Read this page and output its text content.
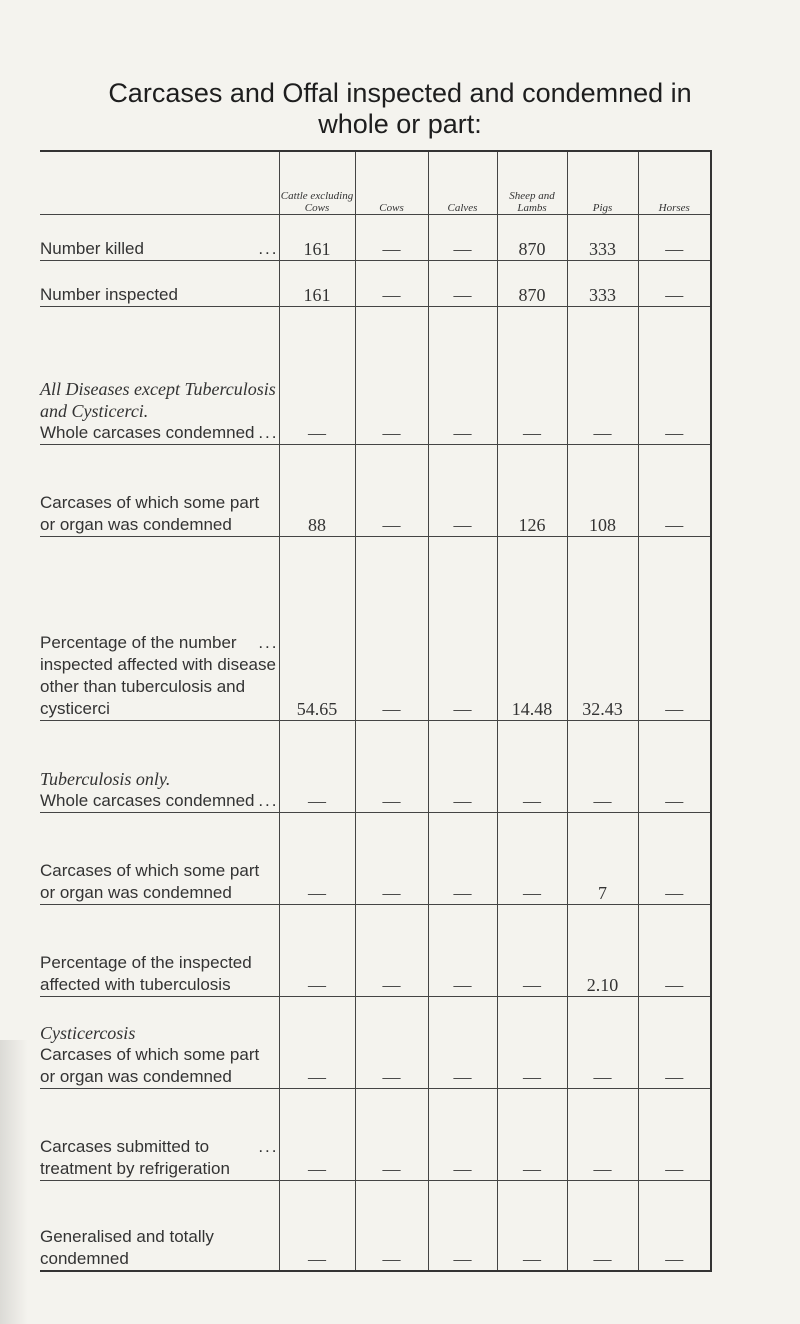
Carcases and Offal inspected and condemned in
whole or part:
	Cattle excluding Cows	Cows	Calves	Sheep and Lambs	Pigs	Horses

...
Number killed	161	—	—	870	333	—

Number inspected	161	—	—	870	333	—

All Diseases except Tuberculosis and Cysticerci.
...
Whole carcases condemned	—	—	—	—	—	—

Carcases of which some part or organ was condemned	88	—	—	126	108	—

...
Percentage of the number inspected affected with disease other than tuberculosis and cysticerci	54.65	—	—	14.48	32.43	—

Tuberculosis only.
...
Whole carcases condemned	—	—	—	—	—	—

Carcases of which some part or organ was condemned	—	—	—	—	7	—

Percentage of the inspected affected with tuberculosis	—	—	—	—	2.10	—

Cysticercosis
Carcases of which some part or organ was condemned	—	—	—	—	—	—

...
Carcases submitted to treatment by refrigeration	—	—	—	—	—	—

Generalised and totally condemned	—	—	—	—	—	—
